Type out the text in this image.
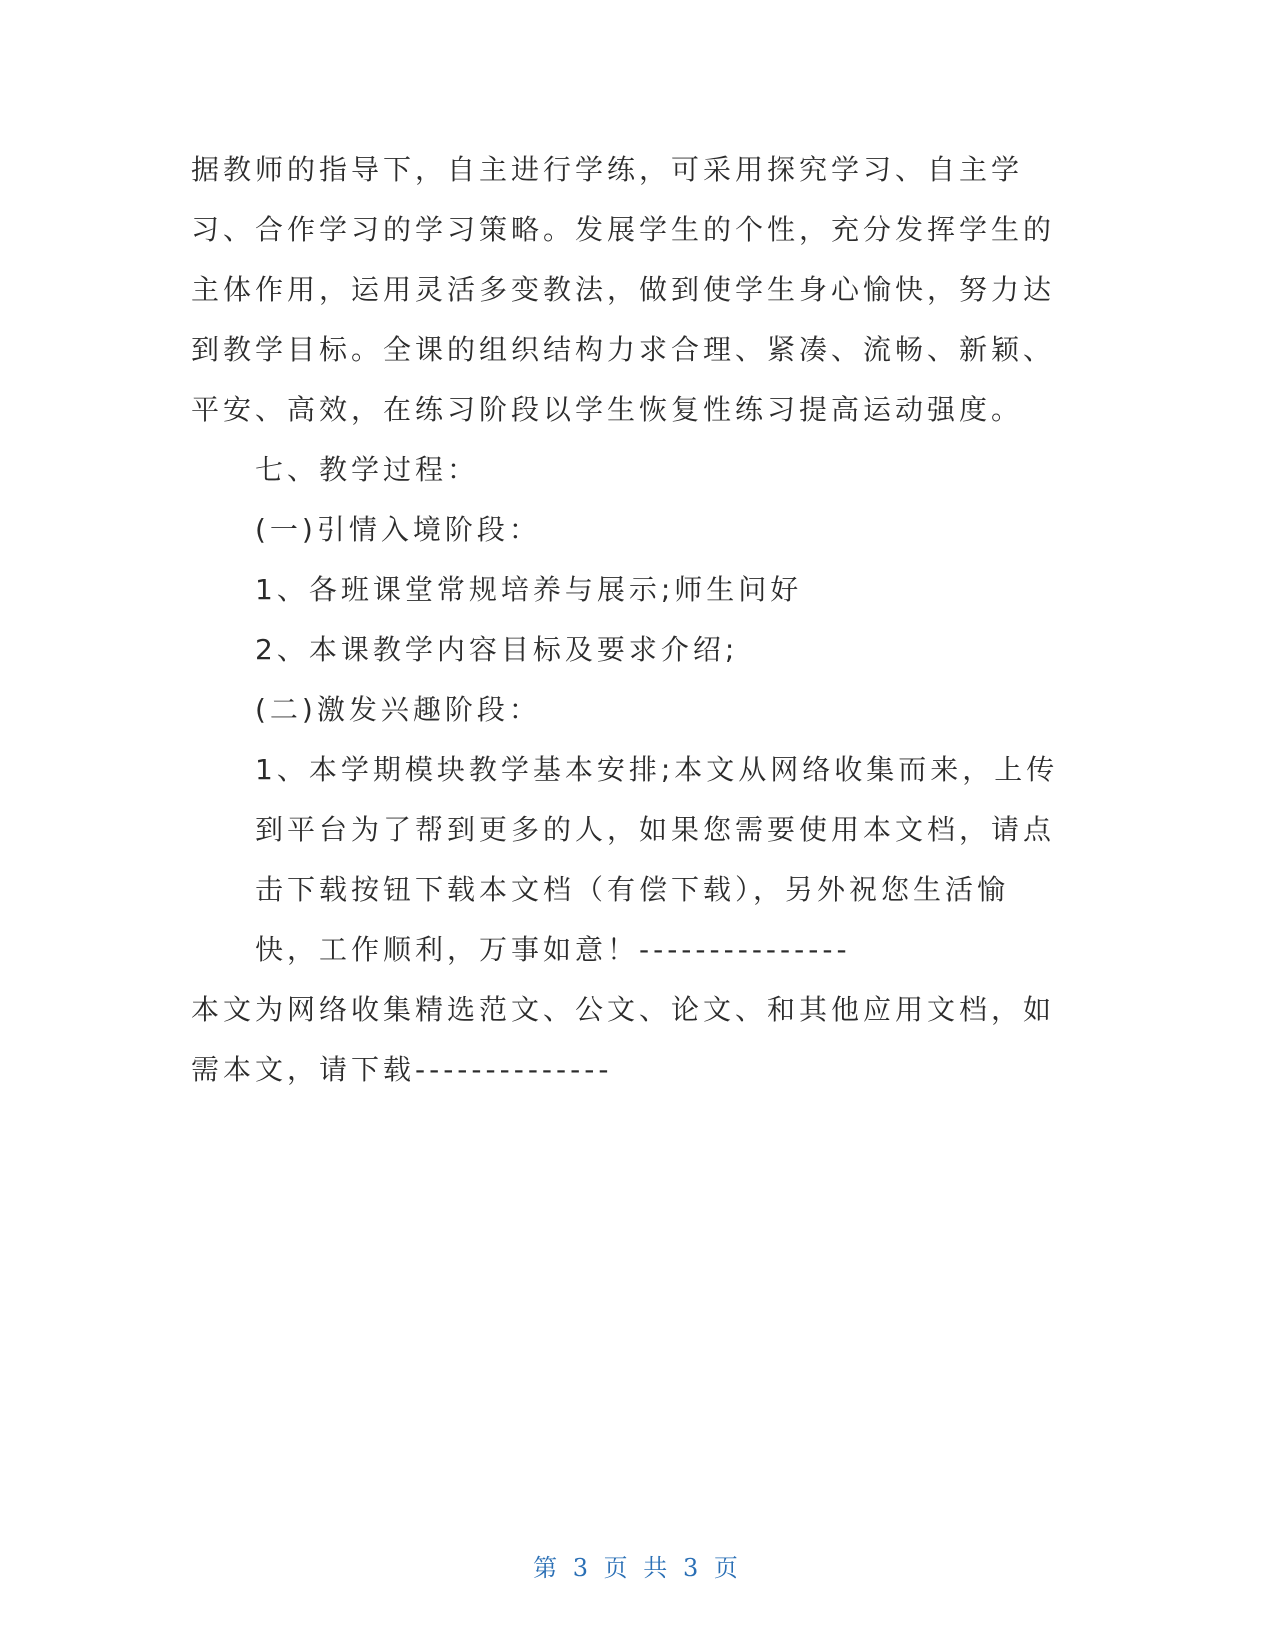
据教师的指导下，自主进行学练，可采用探究学习、自主学习、合作学习的学习策略。发展学生的个性，充分发挥学生的主体作用，运用灵活多变教法，做到使学生身心愉快，努力达到教学目标。全课的组织结构力求合理、紧凑、流畅、新颖、平安、高效，在练习阶段以学生恢复性练习提高运动强度。

七、教学过程：

(一)引情入境阶段：

1、各班课堂常规培养与展示;师生问好

2、本课教学内容目标及要求介绍;

(二)激发兴趣阶段：

1、本学期模块教学基本安排;本文从网络收集而来，上传到平台为了帮到更多的人，如果您需要使用本文档，请点击下载按钮下载本文档（有偿下载），另外祝您生活愉快，工作顺利，万事如意！---------------

本文为网络收集精选范文、公文、论文、和其他应用文档，如需本文，请下载--------------

第 3 页 共 3 页
